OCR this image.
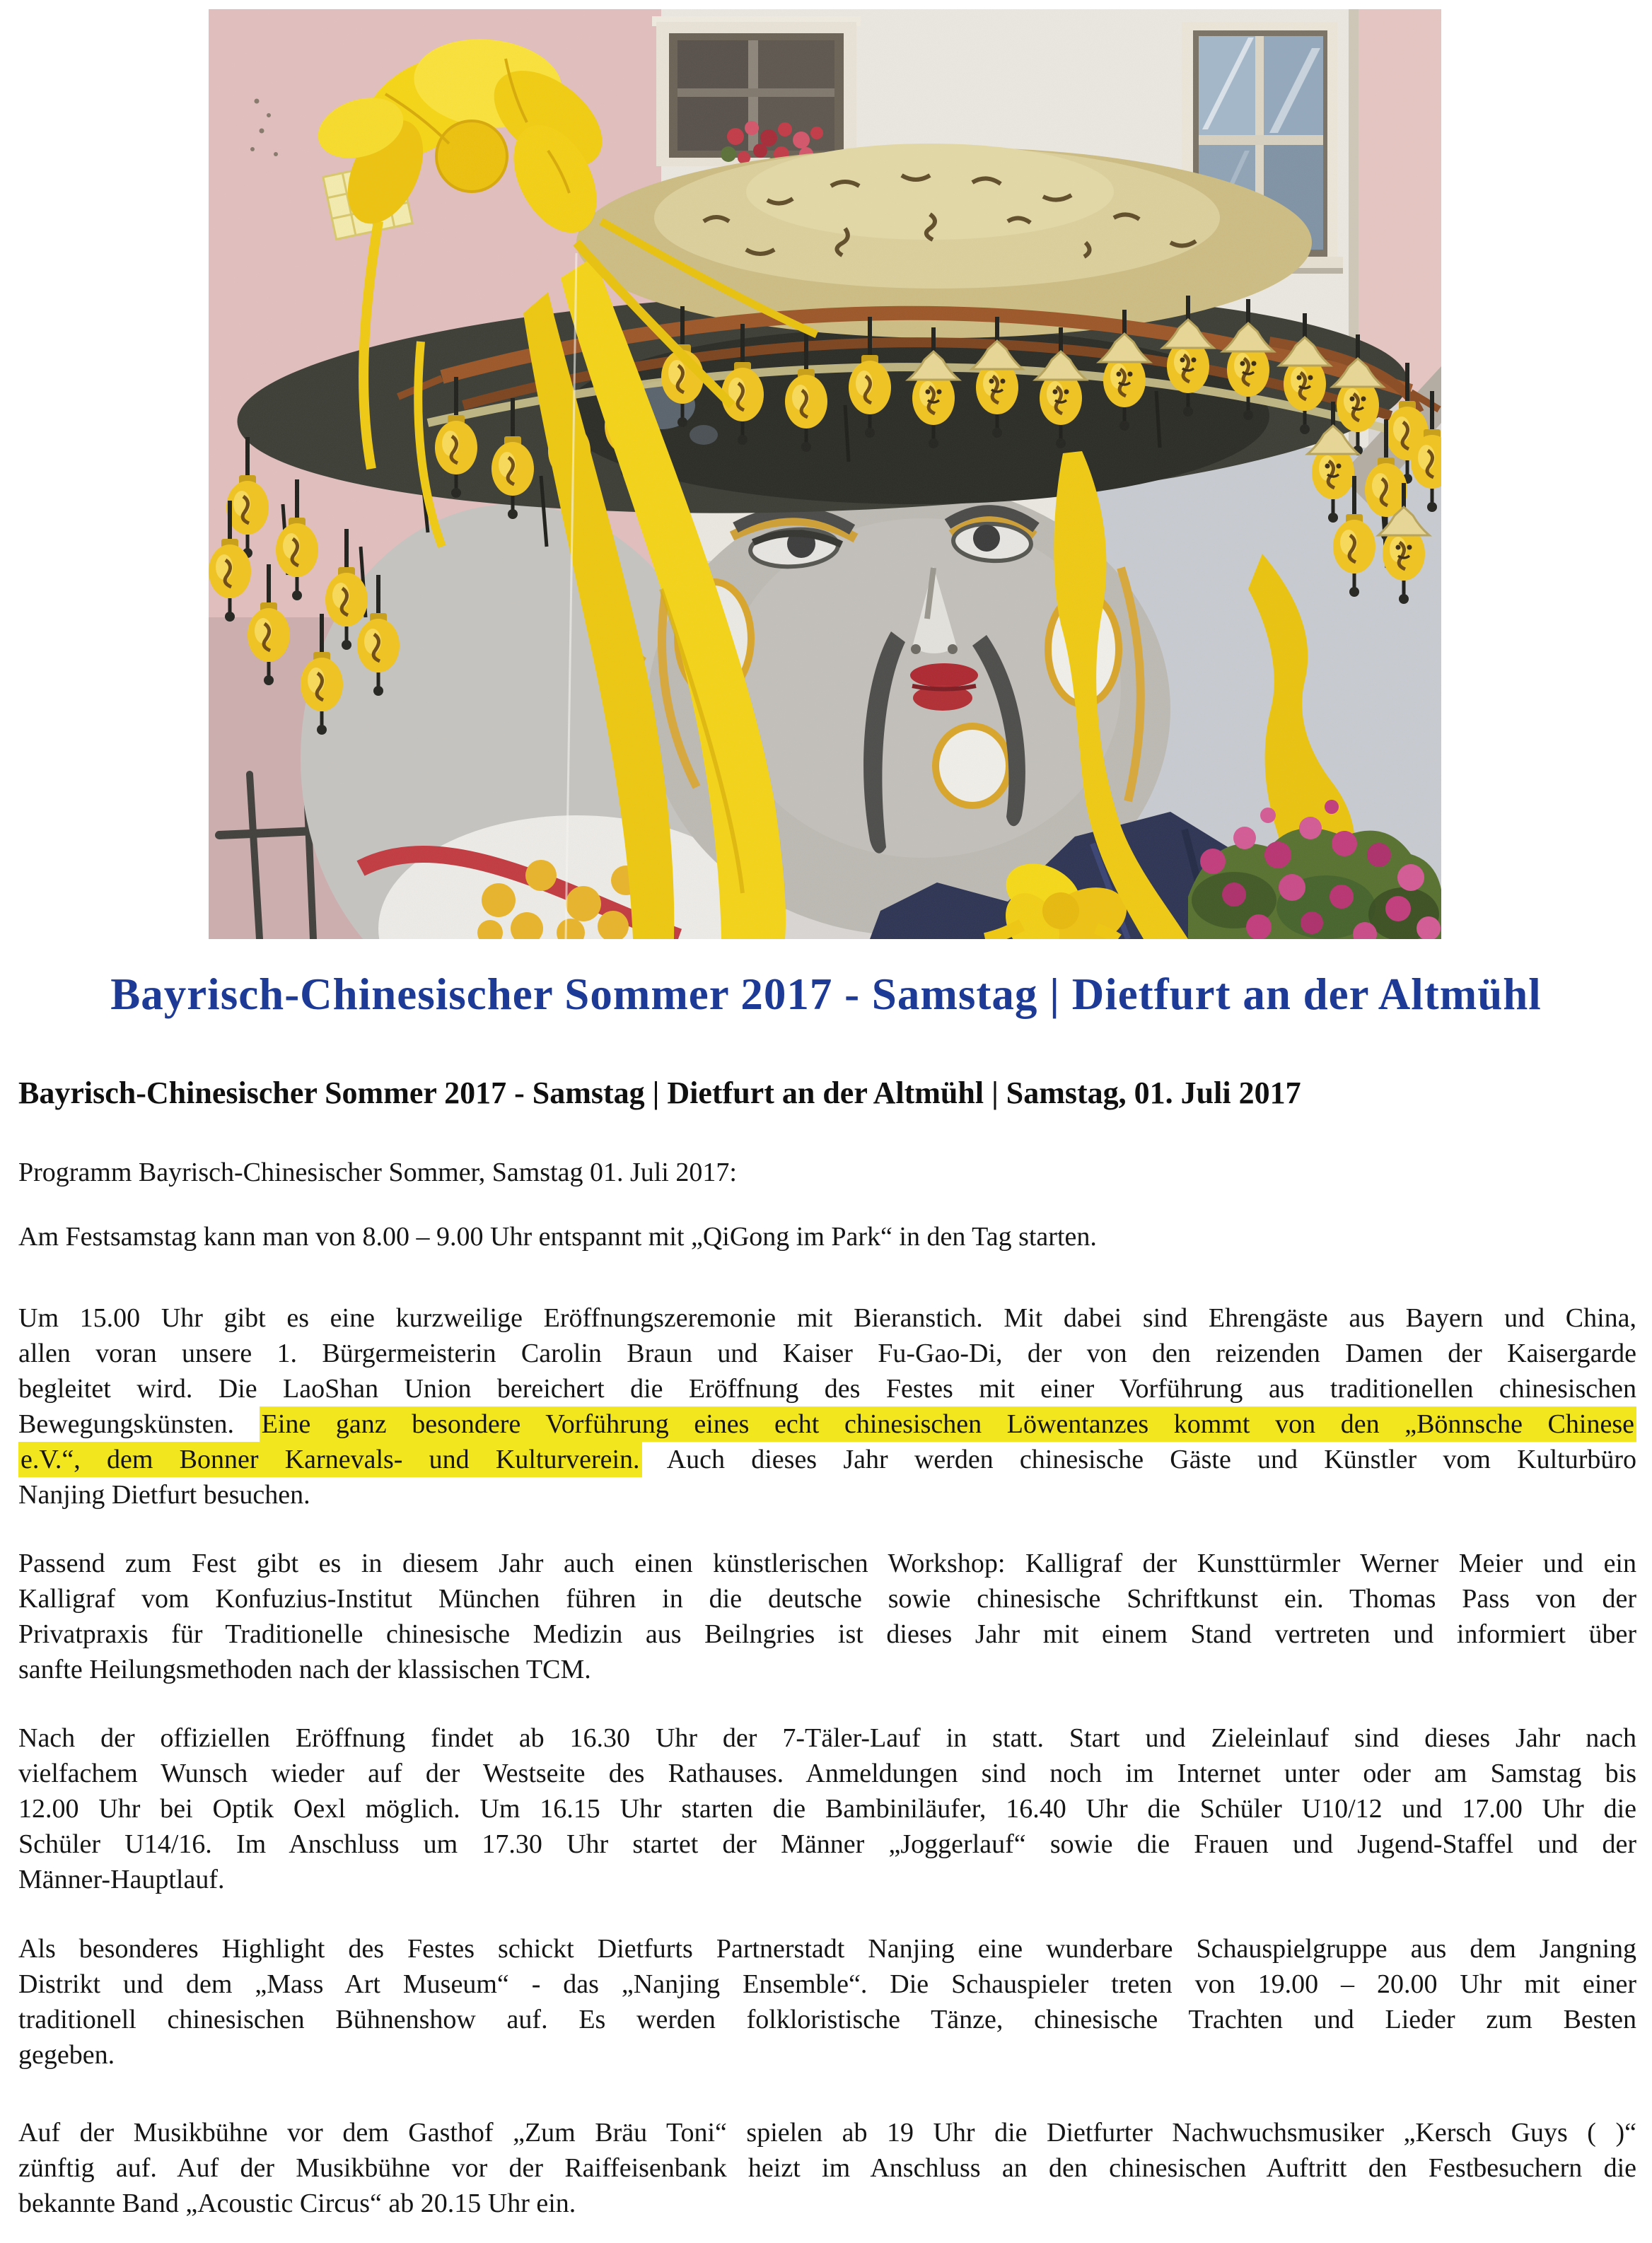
Bayrisch-Chinesischer Sommer 2017 - Samstag | Dietfurt an der Altmühl
Bayrisch-Chinesischer Sommer 2017 - Samstag | Dietfurt an der Altmühl | Samstag, 01. Juli 2017
Programm Bayrisch-Chinesischer Sommer, Samstag 01. Juli 2017:
Am Festsamstag kann man von 8.00 – 9.00 Uhr entspannt mit „QiGong im Park“ in den Tag starten.
Um 15.00 Uhr gibt es eine kurzweilige Eröffnungszeremonie mit Bieranstich. Mit dabei sind Ehrengäste aus Bayern und China,
allen voran unsere 1. Bürgermeisterin Carolin Braun und Kaiser Fu-Gao-Di, der von den reizenden Damen der Kaisergarde
begleitet wird. Die LaoShan Union bereichert die Eröffnung des Festes mit einer Vorführung aus traditionellen chinesischen
Bewegungskünsten. Eine ganz besondere Vorführung eines echt chinesischen Löwentanzes kommt von den „Bönnsche Chinese
e.V.“, dem Bonner Karnevals- und Kulturverein. Auch dieses Jahr werden chinesische Gäste und Künstler vom Kulturbüro
Nanjing Dietfurt besuchen.
Passend zum Fest gibt es in diesem Jahr auch einen künstlerischen Workshop: Kalligraf der Kunsttürmler Werner Meier und ein
Kalligraf vom Konfuzius-Institut München führen in die deutsche sowie chinesische Schriftkunst ein. Thomas Pass von der
Privatpraxis für Traditionelle chinesische Medizin aus Beilngries ist dieses Jahr mit einem Stand vertreten und informiert über
sanfte Heilungsmethoden nach der klassischen TCM.
Nach der offiziellen Eröffnung findet ab 16.30 Uhr der 7-Täler-Lauf in statt. Start und Zieleinlauf sind dieses Jahr nach
vielfachem Wunsch wieder auf der Westseite des Rathauses. Anmeldungen sind noch im Internet unter oder am Samstag bis
12.00 Uhr bei Optik Oexl möglich. Um 16.15 Uhr starten die Bambiniläufer, 16.40 Uhr die Schüler U10/12 und 17.00 Uhr die
Schüler U14/16. Im Anschluss um 17.30 Uhr startet der Männer „Joggerlauf“ sowie die Frauen und Jugend-Staffel und der
Männer-Hauptlauf.
Als besonderes Highlight des Festes schickt Dietfurts Partnerstadt Nanjing eine wunderbare Schauspielgruppe aus dem Jangning
Distrikt und dem „Mass Art Museum“ - das „Nanjing Ensemble“. Die Schauspieler treten von 19.00 – 20.00 Uhr mit einer
traditionell chinesischen Bühnenshow auf. Es werden folkloristische Tänze, chinesische Trachten und Lieder zum Besten
gegeben.
Auf der Musikbühne vor dem Gasthof „Zum Bräu Toni“ spielen ab 19 Uhr die Dietfurter Nachwuchsmusiker „Kersch Guys ( )“
zünftig auf. Auf der Musikbühne vor der Raiffeisenbank heizt im Anschluss an den chinesischen Auftritt den Festbesuchern die
bekannte Band „Acoustic Circus“ ab 20.15 Uhr ein.
